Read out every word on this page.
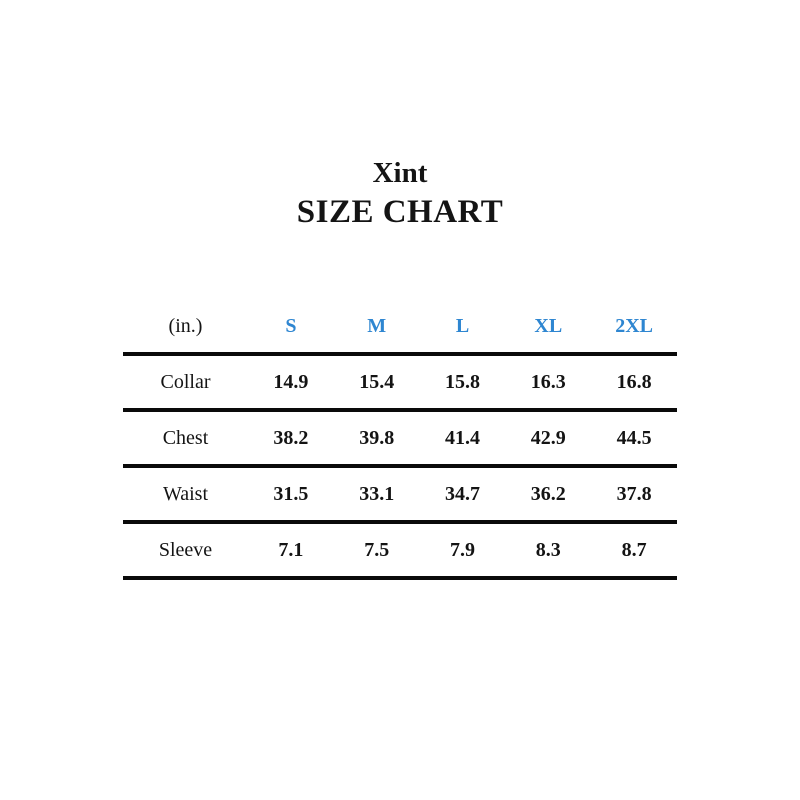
Xint
SIZE CHART
(in.)	S	M	L	XL	2XL
Collar	14.9	15.4	15.8	16.3	16.8
Chest	38.2	39.8	41.4	42.9	44.5
Waist	31.5	33.1	34.7	36.2	37.8
Sleeve	7.1	7.5	7.9	8.3	8.7
